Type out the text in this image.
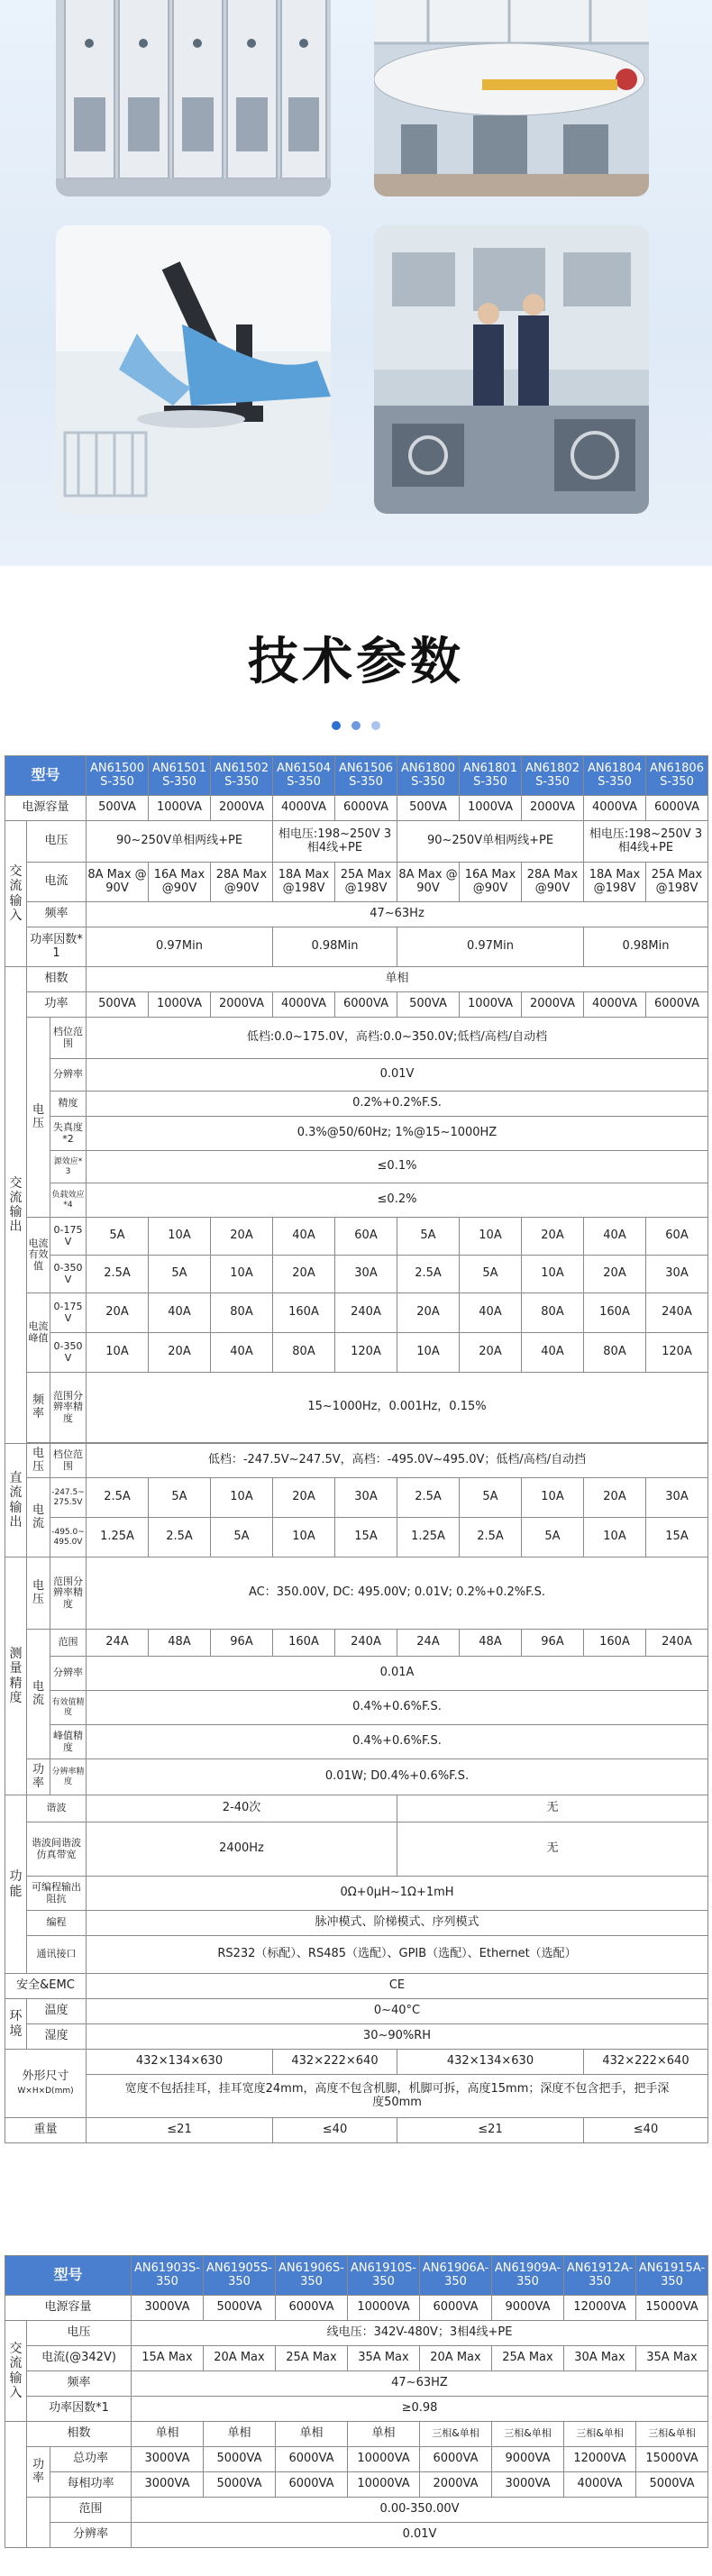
技术参数
型号			AN61500S-350	AN61501S-350	AN61502S-350	AN61504S-350	AN61506S-350	AN61800S-350	AN61801S-350	AN61802S-350	AN61804S-350	AN61806S-350
电源容量			500VA	1000VA	2000VA	4000VA	6000VA	500VA	1000VA	2000VA	4000VA	6000VA
交流输入	电压		90~250V单相两线+PE			相电压:198~250V 3相4线+PE		90~250V单相两线+PE			相电压:198~250V 3相4线+PE	
	电流		8A Max @90V	16A Max @90V	28A Max @90V	18A Max @198V	25A Max @198V	8A Max @90V	16A Max @90V	28A Max @90V	18A Max @198V	25A Max @198V
	频率		47~63Hz									
	功率因数*1		0.97Min			0.98Min		0.97Min			0.98Min	
交流输出	相数		单相									
	功率		500VA	1000VA	2000VA	4000VA	6000VA	500VA	1000VA	2000VA	4000VA	6000VA
	电压	档位范围	低档:0.0~175.0V，高档:0.0~350.0V;低档/高档/自动档									
		分辨率	0.01V									
		精度	0.2%+0.2%F.S.									
		失真度*2	0.3%@50/60Hz; 1%@15~1000HZ									
		源效应*3	≤0.1%									
		负载效应*4	≤0.2%									
	电流有效值	0-175V	5A	10A	20A	40A	60A	5A	10A	20A	40A	60A
		0-350V	2.5A	5A	10A	20A	30A	2.5A	5A	10A	20A	30A
	电流峰值	0-175V	20A	40A	80A	160A	240A	20A	40A	80A	160A	240A
		0-350V	10A	20A	40A	80A	120A	10A	20A	40A	80A	120A
	频率	范围分辨率精度	15~1000Hz，0.001Hz，0.15%									

直流输出	电压	档位范围	低档：-247.5V~247.5V，高档：-495.0V~495.0V；低档/高档/自动挡									
	电流	-247.5~275.5V	2.5A	5A	10A	20A	30A	2.5A	5A	10A	20A	30A
		-495.0~495.0V	1.25A	2.5A	5A	10A	15A	1.25A	2.5A	5A	10A	15A
测量精度	电压	范围分辨率精度	AC：350.00V, DC: 495.00V; 0.01V; 0.2%+0.2%F.S.									
	电流	范围	24A	48A	96A	160A	240A	24A	48A	96A	160A	240A
		分辨率	0.01A									
		有效值精度	0.4%+0.6%F.S.									
		峰值精度	0.4%+0.6%F.S.									
	功率	分辨率精度	0.01W; D0.4%+0.6%F.S.									
功能	谐波		2-40次					无				
	谐波间谐波仿真带宽		2400Hz					无				
	可编程输出阻抗		0Ω+0μH~1Ω+1mH									
	编程		脉冲模式、阶梯模式、序列模式									
	通讯接口		RS232（标配）、RS485（选配）、GPIB（选配）、Ethernet（选配）									
安全&EMC			CE									
环境	温度		0~40°C									
	湿度		30~90%RH									
外形尺寸
W×H×D(mm)			432×134×630			432×222×640		432×134×630			432×222×640	
			宽度不包括挂耳，挂耳宽度24mm，高度不包含机脚，机脚可拆，高度15mm；深度不包含把手，把手深度50mm									
重量			≤21			≤40		≤21			≤40	
型号			AN61903S-350	AN61905S-350	AN61906S-350	AN61910S-350	AN61906A-350	AN61909A-350	AN61912A-350	AN61915A-350
电源容量			3000VA	5000VA	6000VA	10000VA	6000VA	9000VA	12000VA	15000VA
交流输入	电压		线电压：342V-480V；3相4线+PE							
	电流(@342V)		15A Max	20A Max	25A Max	35A Max	20A Max	25A Max	30A Max	35A Max
	频率		47~63HZ							
	功率因数*1		≥0.98							
	相数		单相	单相	单相	单相	三相&单相	三相&单相	三相&单相	三相&单相
	功率	总功率	3000VA	5000VA	6000VA	10000VA	6000VA	9000VA	12000VA	15000VA
		每相功率	3000VA	5000VA	6000VA	10000VA	2000VA	3000VA	4000VA	5000VA
		范围	0.00-350.00V							
		分辨率	0.01V							
